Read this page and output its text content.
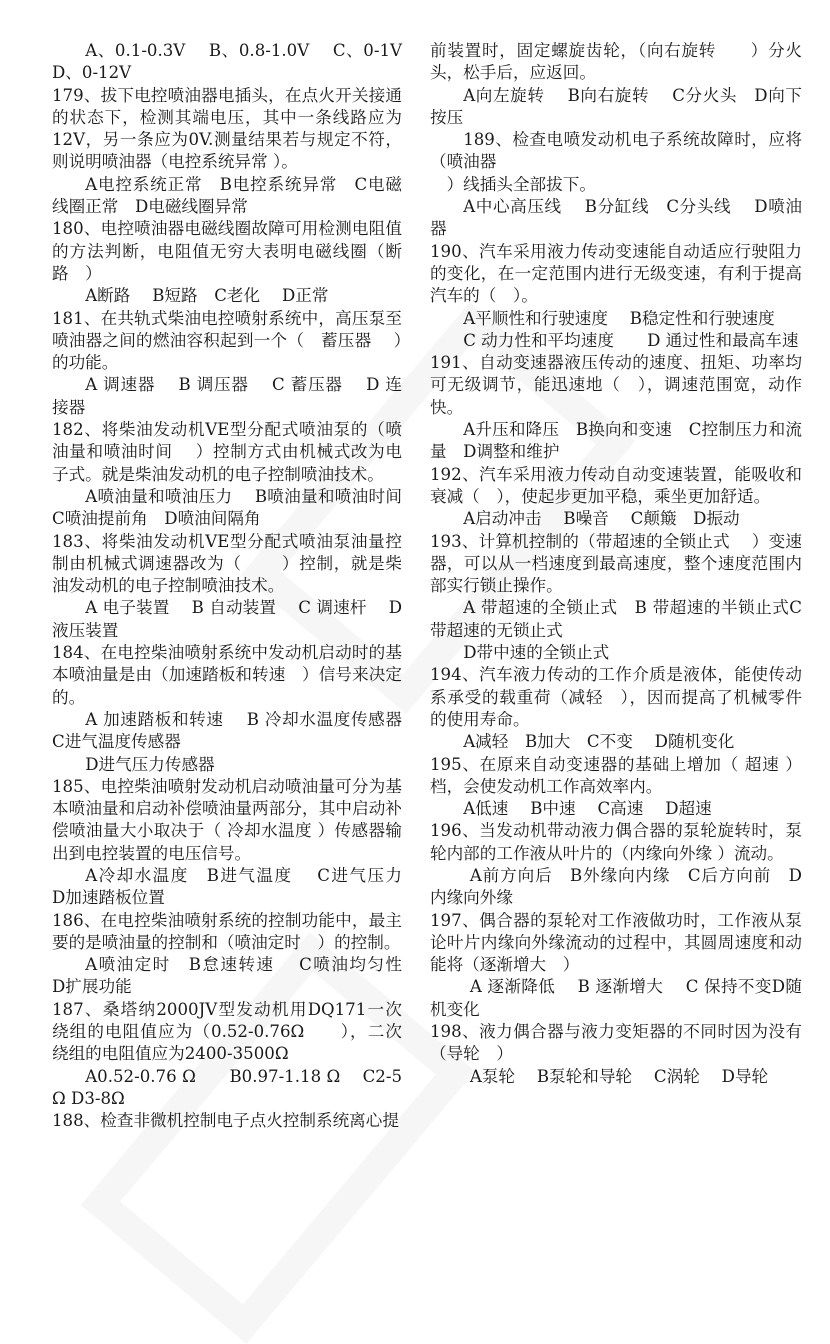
A、0.1-0.3V　 B、0.8-1.0V　 C、0-1V　 D、0-12V

179、拔下电控喷油器电插头，在点火开关接通的状态下，检测其端电压，其中一条线路应为12V，另一条应为0V.测量结果若与规定不符，则说明喷油器（电控系统异常 ）。

A电控系统正常　B电控系统异常　C电磁线圈正常　D电磁线圈异常

180、电控喷油器电磁线圈故障可用检测电阻值的方法判断，电阻值无穷大表明电磁线圈（断路　）

A断路　 B短路　C老化　 D正常

181、在共轨式柴油电控喷射系统中，高压泵至喷油器之间的燃油容积起到一个（　蓄压器　 ）的功能。

A 调速器　 B 调压器　 C 蓄压器　 D 连接器

182、将柴油发动机VE型分配式喷油泵的（喷油量和喷油时间　 ）控制方式由机械式改为电子式。就是柴油发动机的电子控制喷油技术。

A喷油量和喷油压力　 B喷油量和喷油时间C喷油提前角　D喷油间隔角

183、将柴油发动机VE型分配式喷油泵油量控制由机械式调速器改为（　　 ）控制，就是柴油发动机的电子控制喷油技术。

A 电子装置　 B 自动装置　 C 调速杆　 D 液压装置

184、在电控柴油喷射系统中发动机启动时的基本喷油量是由（加速踏板和转速　）信号来决定的。

A 加速踏板和转速　 B 冷却水温度传感器C进气温度传感器

D进气压力传感器

185、电控柴油喷射发动机启动喷油量可分为基本喷油量和启动补偿喷油量两部分，其中启动补偿喷油量大小取决于（ 冷却水温度 ）传感器输出到电控装置的电压信号。

A冷却水温度　B进气温度　 C进气压力　D加速踏板位置

186、在电控柴油喷射系统的控制功能中，最主要的是喷油量的控制和（喷油定时　）的控制。

A喷油定时　B怠速转速　 C喷油均匀性　D扩展功能

187、桑塔纳2000JV型发动机用DQ171一次绕组的电阻值应为（0.52-0.76Ω　　），二次绕组的电阻值应为2400-3500Ω

A0.52-0.76 Ω　　B0.97-1.18 Ω　 C2-5 Ω D3-8Ω

188、检查非微机控制电子点火控制系统离心提

前装置时，固定螺旋齿轮，（向右旋转　　）分火头，松手后，应返回。

A向左旋转　 B向右旋转　 C分火头　D向下按压

189、检查电喷发动机电子系统故障时，应将（喷油器

）线插头全部拔下。

A中心高压线　 B分缸线　C分头线　 D喷油器

190、汽车采用液力传动变速能自动适应行驶阻力的变化，在一定范围内进行无级变速，有利于提高汽车的（　）。

A平顺性和行驶速度　 B稳定性和行驶速度

C 动力性和平均速度　　D 通过性和最高车速

191、自动变速器液压传动的速度、扭矩、功率均可无级调节，能迅速地（　），调速范围宽，动作快。

A升压和降压　B换向和变速　C控制压力和流量　D调整和维护

192、汽车采用液力传动自动变速装置，能吸收和衰减（　），使起步更加平稳，乘坐更加舒适。

A启动冲击　 B噪音　 C颠簸　D振动

193、计算机控制的（带超速的全锁止式　 ）变速器，可以从一档速度到最高速度，整个速度范围内部实行锁止操作。

A 带超速的全锁止式　B 带超速的半锁止式C带超速的无锁止式

D带中速的全锁止式

194、汽车液力传动的工作介质是液体，能使传动系承受的载重荷（减轻　），因而提高了机械零件的使用寿命。

A减轻　B加大　C不变　 D随机变化

195、在原来自动变速器的基础上增加（ 超速 ）档，会使发动机工作高效率内。

A低速　 B中速　 C高速　 D超速

196、当发动机带动液力偶合器的泵轮旋转时，泵轮内部的工作液从叶片的（内缘向外缘 ）流动。

A前方向后　B外缘向内缘　C后方向前　D内缘向外缘

197、偶合器的泵轮对工作液做功时，工作液从泵论叶片内缘向外缘流动的过程中，其圆周速度和动能将（逐渐增大　）

A 逐渐降低　 B 逐渐增大　 C 保持不变D随机变化

198、液力偶合器与液力变矩器的不同时因为没有（导轮　）

A泵轮　 B泵轮和导轮　 C涡轮　 D导轮
